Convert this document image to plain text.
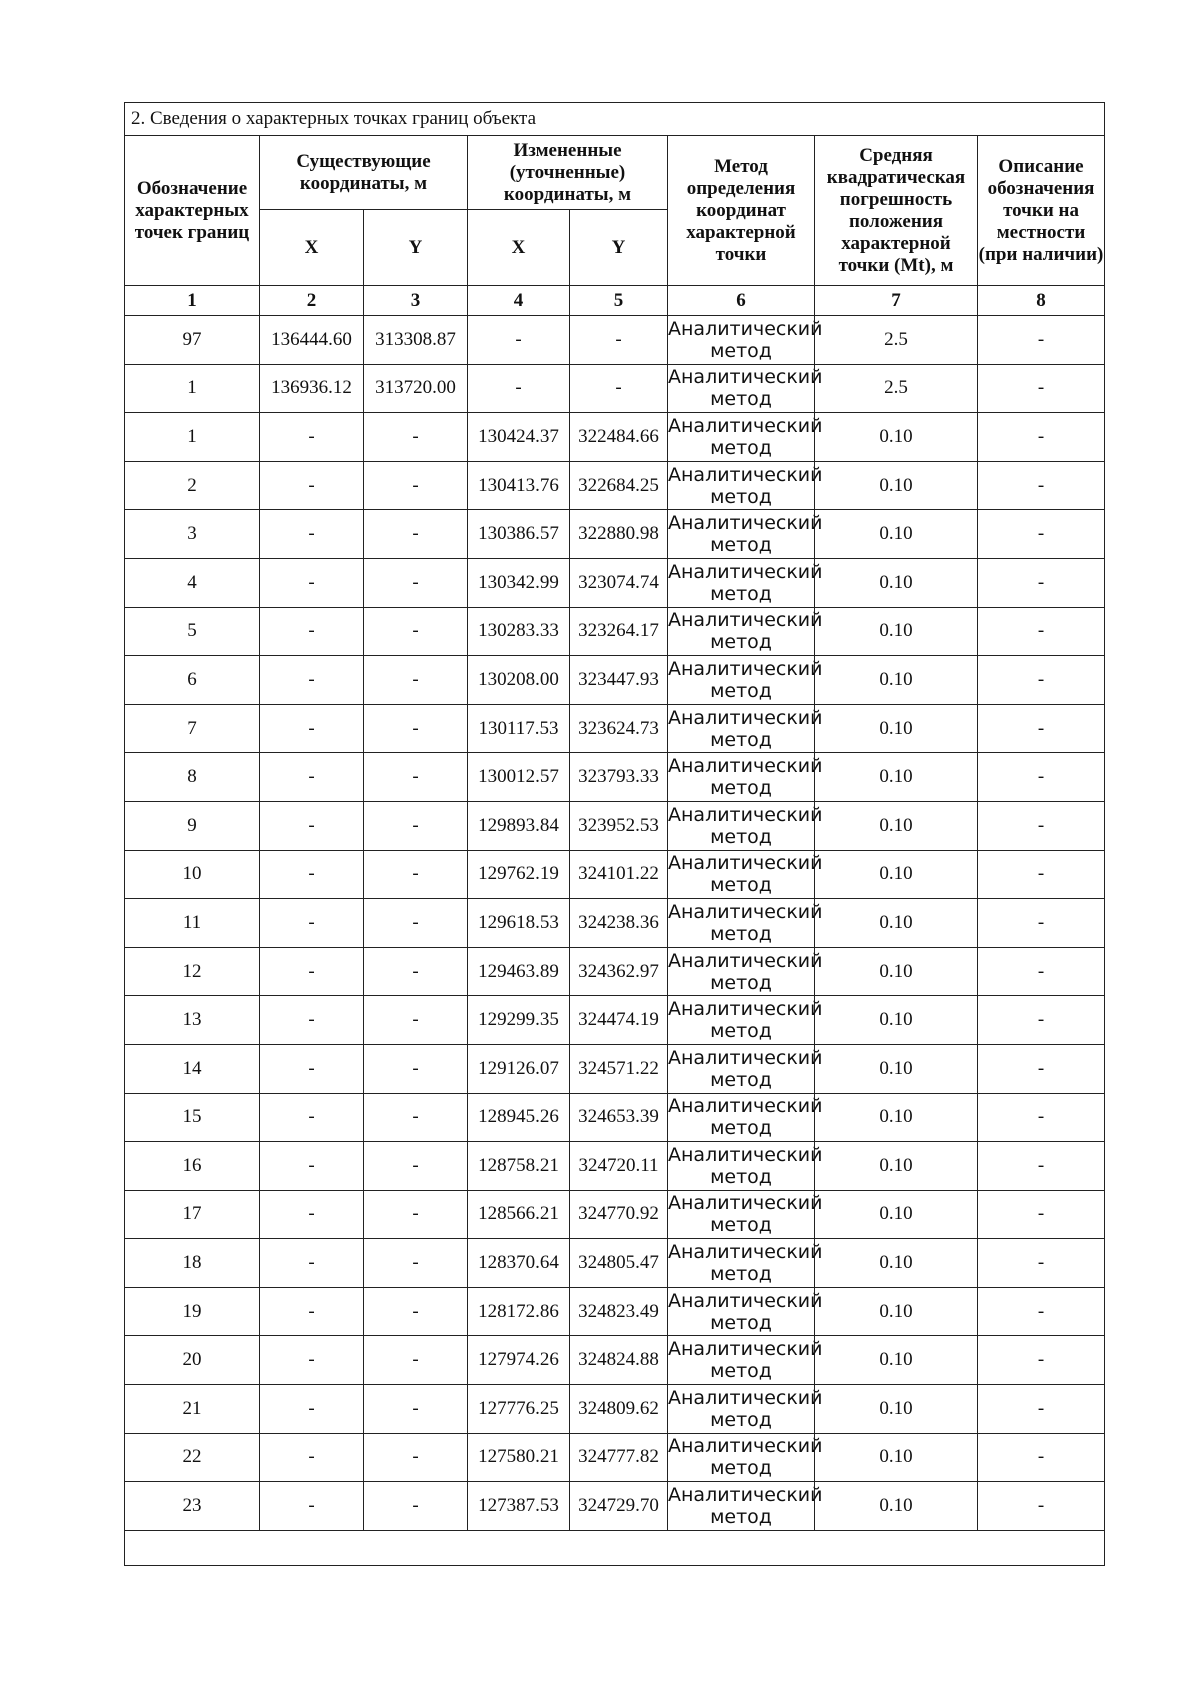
2. Сведения о характерных точках границ объекта							
Обозначение характерных точек границ	Существующие координаты, м		Измененные (уточненные) координаты, м		Метод определения координат характерной точки	Средняя квадратическая погрешность положения характерной точки (Mt), м	Описание обозначения точки на местности (при наличии)
	X	Y	X	Y			
1	2	3	4	5	6	7	8
97	136444.60	313308.87	-	-	Аналитический метод	2.5	-
1	136936.12	313720.00	-	-	Аналитический метод	2.5	-
1	-	-	130424.37	322484.66	Аналитический метод	0.10	-
2	-	-	130413.76	322684.25	Аналитический метод	0.10	-
3	-	-	130386.57	322880.98	Аналитический метод	0.10	-
4	-	-	130342.99	323074.74	Аналитический метод	0.10	-
5	-	-	130283.33	323264.17	Аналитический метод	0.10	-
6	-	-	130208.00	323447.93	Аналитический метод	0.10	-
7	-	-	130117.53	323624.73	Аналитический метод	0.10	-
8	-	-	130012.57	323793.33	Аналитический метод	0.10	-
9	-	-	129893.84	323952.53	Аналитический метод	0.10	-
10	-	-	129762.19	324101.22	Аналитический метод	0.10	-
11	-	-	129618.53	324238.36	Аналитический метод	0.10	-
12	-	-	129463.89	324362.97	Аналитический метод	0.10	-
13	-	-	129299.35	324474.19	Аналитический метод	0.10	-
14	-	-	129126.07	324571.22	Аналитический метод	0.10	-
15	-	-	128945.26	324653.39	Аналитический метод	0.10	-
16	-	-	128758.21	324720.11	Аналитический метод	0.10	-
17	-	-	128566.21	324770.92	Аналитический метод	0.10	-
18	-	-	128370.64	324805.47	Аналитический метод	0.10	-
19	-	-	128172.86	324823.49	Аналитический метод	0.10	-
20	-	-	127974.26	324824.88	Аналитический метод	0.10	-
21	-	-	127776.25	324809.62	Аналитический метод	0.10	-
22	-	-	127580.21	324777.82	Аналитический метод	0.10	-
23	-	-	127387.53	324729.70	Аналитический метод	0.10	-
